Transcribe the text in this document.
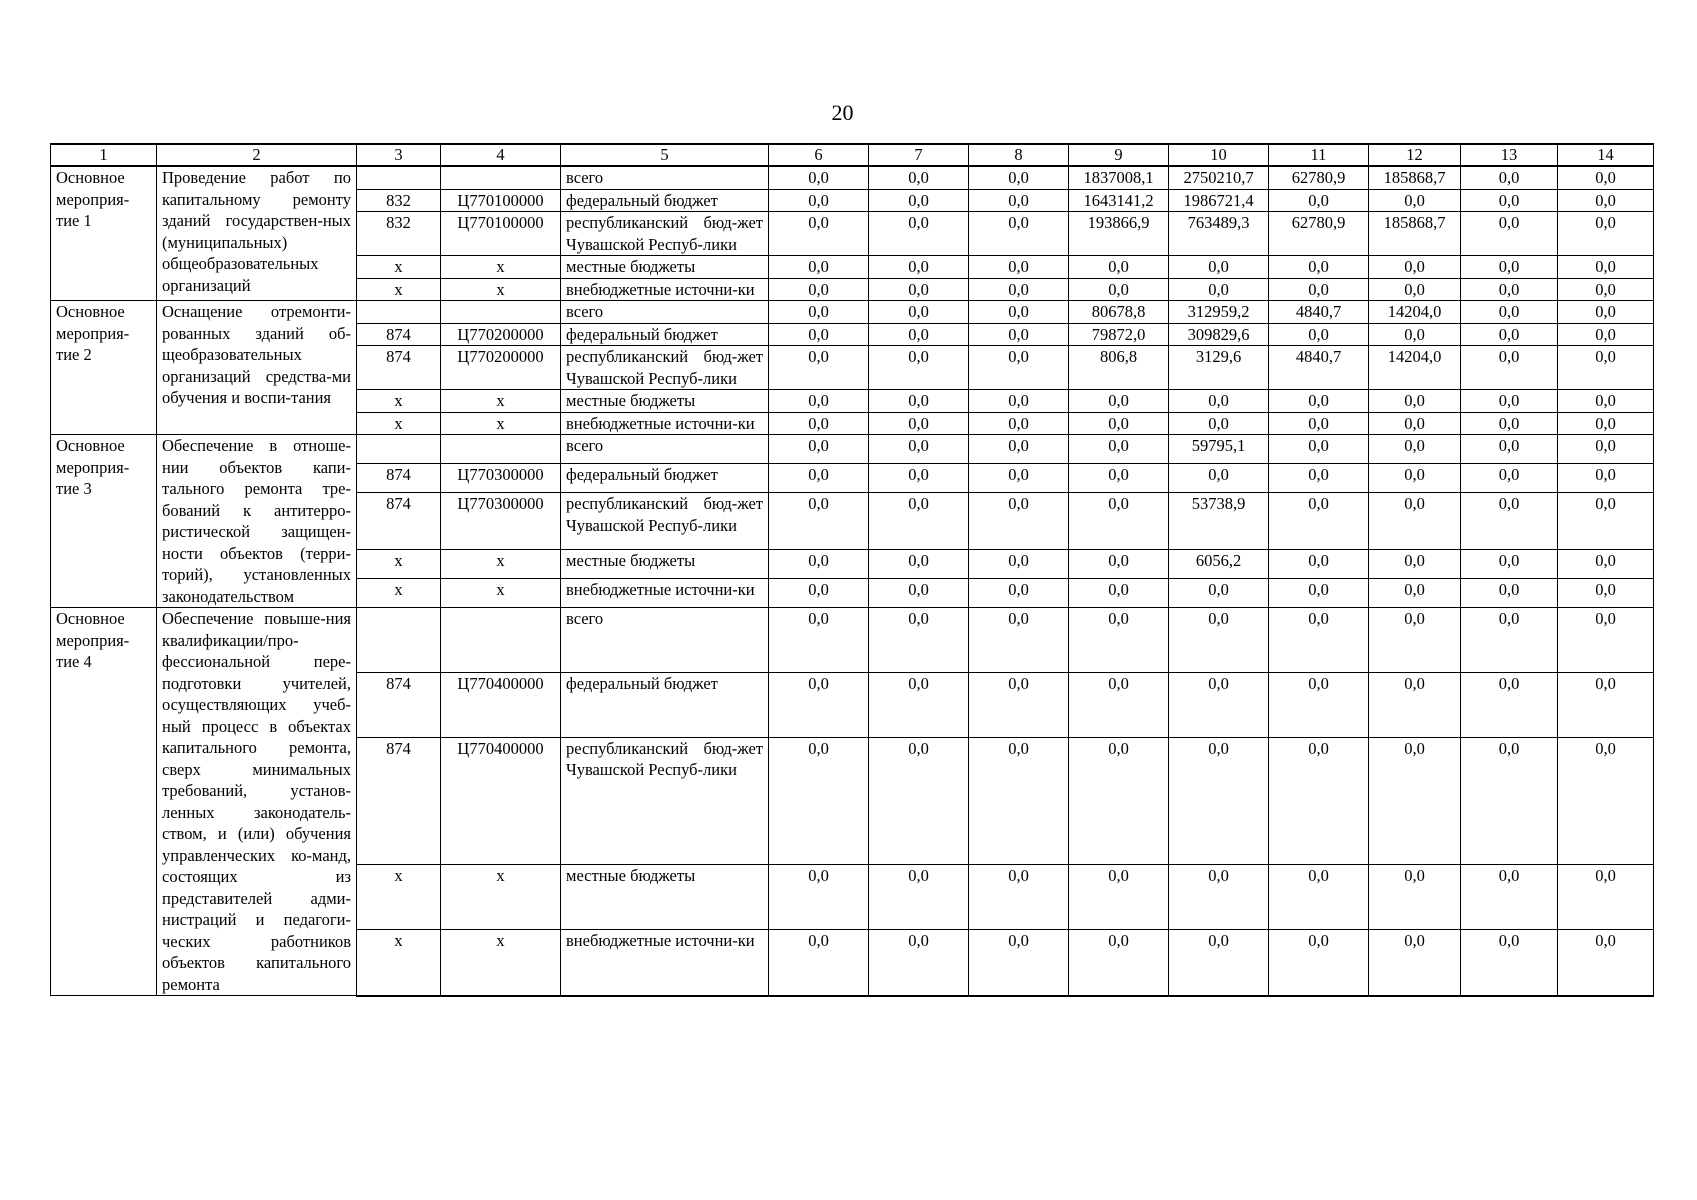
20
1	2	3	4	5	6	7	8	9	10	11	12	13	14
Основное мероприя-тие 1	Проведение работ по капитальному ремонту зданий государствен-ных (муниципальных) общеобразовательных организаций			всего	0,0	0,0	0,0	1837008,1	2750210,7	62780,9	185868,7	0,0	0,0
		832	Ц770100000	федеральный бюджет	0,0	0,0	0,0	1643141,2	1986721,4	0,0	0,0	0,0	0,0
		832	Ц770100000	республиканский бюд-жет Чувашской Респуб-лики	0,0	0,0	0,0	193866,9	763489,3	62780,9	185868,7	0,0	0,0
		x	x	местные бюджеты	0,0	0,0	0,0	0,0	0,0	0,0	0,0	0,0	0,0
		x	x	внебюджетные источни-ки	0,0	0,0	0,0	0,0	0,0	0,0	0,0	0,0	0,0
Основное мероприя-тие 2	Оснащение отремонти-рованных зданий об-щеобразовательных организаций средства-ми обучения и воспи-тания			всего	0,0	0,0	0,0	80678,8	312959,2	4840,7	14204,0	0,0	0,0
		874	Ц770200000	федеральный бюджет	0,0	0,0	0,0	79872,0	309829,6	0,0	0,0	0,0	0,0
		874	Ц770200000	республиканский бюд-жет Чувашской Респуб-лики	0,0	0,0	0,0	806,8	3129,6	4840,7	14204,0	0,0	0,0
		x	x	местные бюджеты	0,0	0,0	0,0	0,0	0,0	0,0	0,0	0,0	0,0
		x	x	внебюджетные источни-ки	0,0	0,0	0,0	0,0	0,0	0,0	0,0	0,0	0,0
Основное мероприя-тие 3	Обеспечение в отноше-нии объектов капи-тального ремонта тре-бований к антитерро-ристической защищен-ности объектов (терри-торий), установленных законодательством			всего	0,0	0,0	0,0	0,0	59795,1	0,0	0,0	0,0	0,0
		874	Ц770300000	федеральный бюджет	0,0	0,0	0,0	0,0	0,0	0,0	0,0	0,0	0,0
		874	Ц770300000	республиканский бюд-жет Чувашской Респуб-лики	0,0	0,0	0,0	0,0	53738,9	0,0	0,0	0,0	0,0
		x	x	местные бюджеты	0,0	0,0	0,0	0,0	6056,2	0,0	0,0	0,0	0,0
		x	x	внебюджетные источни-ки	0,0	0,0	0,0	0,0	0,0	0,0	0,0	0,0	0,0
Основное мероприя-тие 4	Обеспечение повыше-ния квалификации/про-фессиональной пере-подготовки учителей, осуществляющих учеб-ный процесс в объектах капитального ремонта, сверх минимальных требований, установ-ленных законодатель-ством, и (или) обучения управленческих ко-манд, состоящих из представителей адми-нистраций и педагоги-ческих работников объектов капитального ремонта			всего	0,0	0,0	0,0	0,0	0,0	0,0	0,0	0,0	0,0
		874	Ц770400000	федеральный бюджет	0,0	0,0	0,0	0,0	0,0	0,0	0,0	0,0	0,0
		874	Ц770400000	республиканский бюд-жет Чувашской Респуб-лики	0,0	0,0	0,0	0,0	0,0	0,0	0,0	0,0	0,0
		x	x	местные бюджеты	0,0	0,0	0,0	0,0	0,0	0,0	0,0	0,0	0,0
		x	x	внебюджетные источни-ки	0,0	0,0	0,0	0,0	0,0	0,0	0,0	0,0	0,0
